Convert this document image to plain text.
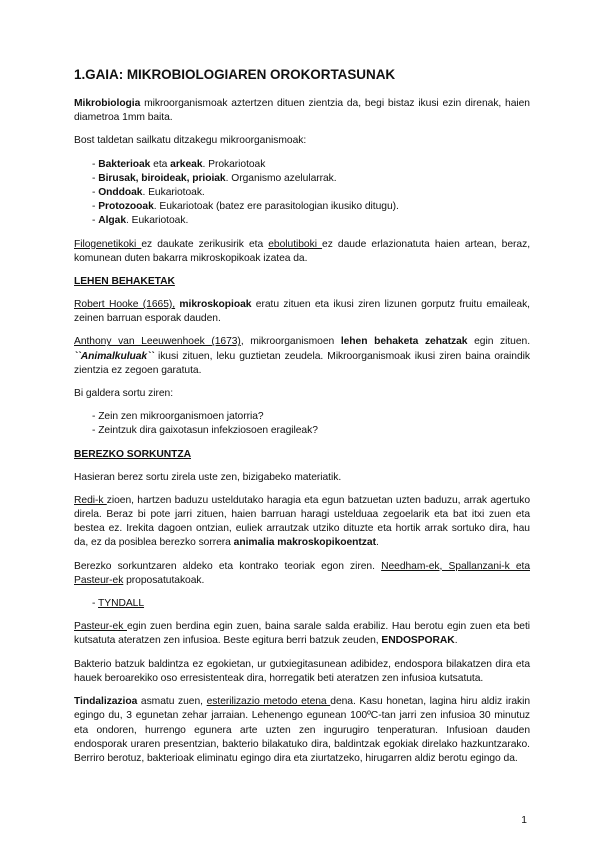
1.GAIA: MIKROBIOLOGIAREN OROKORTASUNAK

Mikrobiologia mikroorganismoak aztertzen dituen zientzia da, begi bistaz ikusi ezin direnak, haien diametroa 1mm baita.

Bost taldetan sailkatu ditzakegu mikroorganismoak:

- Bakterioak eta arkeak. Prokariotoak
- Birusak, biroideak, prioiak. Organismo azelularrak.
- Onddoak. Eukariotoak.
- Protozooak. Eukariotoak (batez ere parasitologian ikusiko ditugu).
- Algak. Eukariotoak.

Filogenetikoki ez daukate zerikusirik eta ebolutiboki ez daude erlazionatuta haien artean, beraz, komunean duten bakarra mikroskopikoak izatea da.

LEHEN BEHAKETAK

Robert Hooke (1665), mikroskopioak eratu zituen eta ikusi ziren lizunen gorputz fruitu emaileak, zeinen barruan esporak dauden.

Anthony van Leeuwenhoek (1673), mikroorganismoen lehen behaketa zehatzak egin zituen. ``Animalkuluak`` ikusi zituen, leku guztietan zeudela. Mikroorganismoak ikusi ziren baina oraindik zientzia ez zegoen garatuta.

Bi galdera sortu ziren:

- Zein zen mikroorganismoen jatorria?
- Zeintzuk dira gaixotasun infekziosoen eragileak?
BEREZKO SORKUNTZA

Hasieran berez sortu zirela uste zen, bizigabeko materiatik.

Redi-k zioen, hartzen baduzu usteldutako haragia eta egun batzuetan uzten baduzu, arrak agertuko direla. Beraz bi pote jarri zituen, haien barruan haragi ustelduaa zegoelarik eta bat itxi zuen eta bestea ez. Irekita dagoen ontzian, euliek arrautzak utziko dituzte eta hortik arrak sortuko dira, hau da, ez da posiblea berezko sorrera animalia makroskopikoentzat.

Berezko sorkuntzaren aldeko eta kontrako teoriak egon ziren. Needham-ek, Spallanzani-k eta Pasteur-ek proposatutakoak.

- TYNDALL

Pasteur-ek egin zuen berdina egin zuen, baina sarale salda erabiliz. Hau berotu egin zuen eta beti kutsatuta ateratzen zen infusioa. Beste egitura berri batzuk zeuden, ENDOSPORAK.

Bakterio batzuk baldintza ez egokietan, ur gutxiegitasunean adibidez, endospora bilakatzen dira eta hauek beroarekiko oso erresistenteak dira, horregatik beti ateratzen zen infusioa kutsatuta.

Tindalizazioa asmatu zuen, esterilizazio metodo etena dena. Kasu honetan, lagina hiru aldiz irakin egingo du, 3 egunetan zehar jarraian. Lehenengo egunean 100ºC-tan jarri zen infusioa 30 minutuz eta ondoren, hurrengo egunera arte uzten zen ingurugiro tenperaturan. Infusioan dauden endosporak uraren presentzian, bakterio bilakatuko dira, baldintzak egokiak direlako hazkuntzarako. Berriro berotuz, bakterioak eliminatu egingo dira eta ziurtatzeko, hirugarren aldiz berotu egingo da.

1
